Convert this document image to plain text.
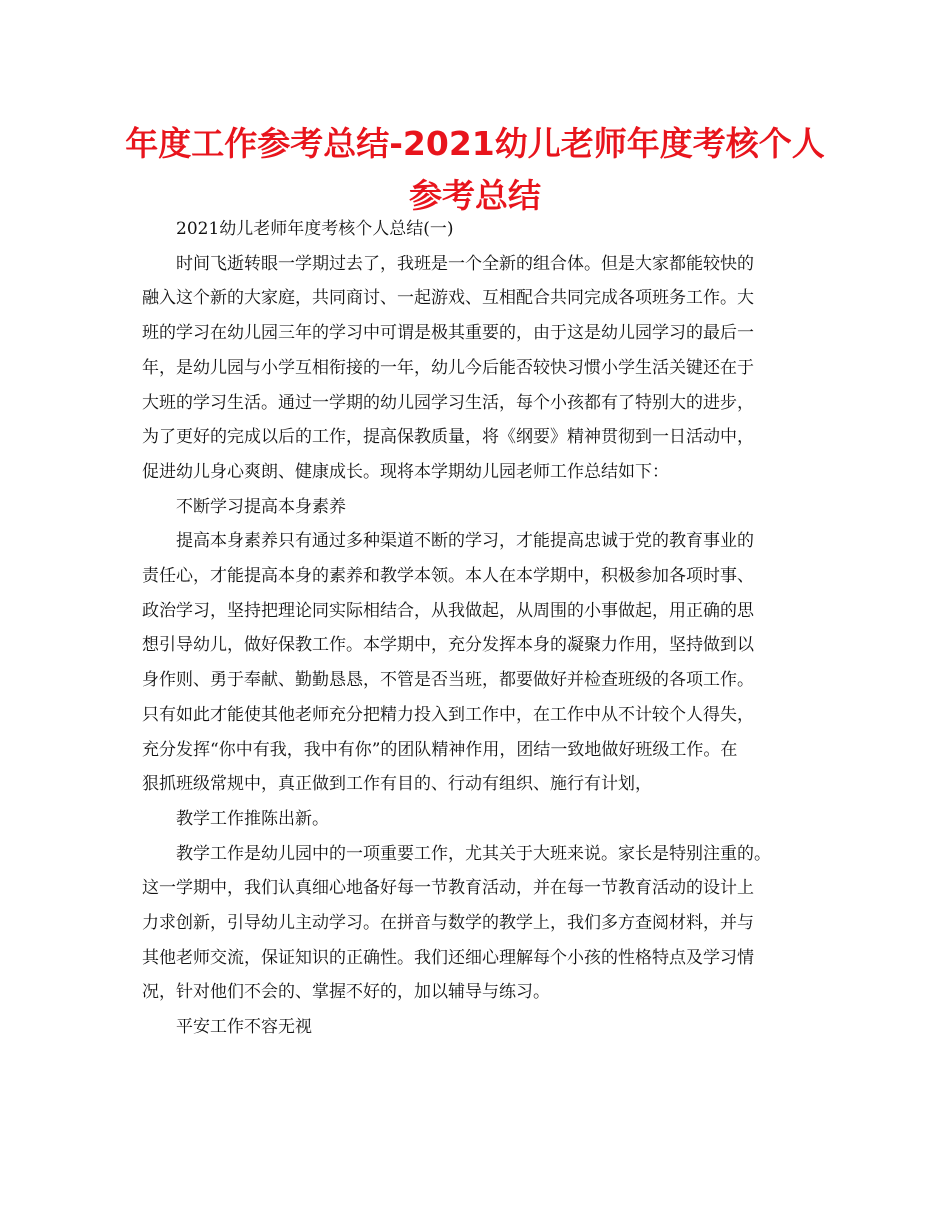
年度工作参考总结-2021幼儿老师年度考核个人
参考总结
2021幼儿老师年度考核个人总结(一)
时间飞逝转眼一学期过去了，我班是一个全新的组合体。但是大家都能较快的
融入这个新的大家庭，共同商讨、一起游戏、互相配合共同完成各项班务工作。大
班的学习在幼儿园三年的学习中可谓是极其重要的，由于这是幼儿园学习的最后一
年，是幼儿园与小学互相衔接的一年，幼儿今后能否较快习惯小学生活关键还在于
大班的学习生活。通过一学期的幼儿园学习生活，每个小孩都有了特别大的进步，
为了更好的完成以后的工作，提高保教质量，将《纲要》精神贯彻到一日活动中，
促进幼儿身心爽朗、健康成长。现将本学期幼儿园老师工作总结如下：
不断学习提高本身素养
提高本身素养只有通过多种渠道不断的学习，才能提高忠诚于党的教育事业的
责任心，才能提高本身的素养和教学本领。本人在本学期中，积极参加各项时事、
政治学习，坚持把理论同实际相结合，从我做起，从周围的小事做起，用正确的思
想引导幼儿，做好保教工作。本学期中，充分发挥本身的凝聚力作用，坚持做到以
身作则、勇于奉献、勤勤恳恳，不管是否当班，都要做好并检查班级的各项工作。
只有如此才能使其他老师充分把精力投入到工作中，在工作中从不计较个人得失，
充分发挥“你中有我，我中有你”的团队精神作用，团结一致地做好班级工作。在
狠抓班级常规中，真正做到工作有目的、行动有组织、施行有计划，
教学工作推陈出新。
教学工作是幼儿园中的一项重要工作，尤其关于大班来说。家长是特别注重的。
这一学期中，我们认真细心地备好每一节教育活动，并在每一节教育活动的设计上
力求创新，引导幼儿主动学习。在拼音与数学的教学上，我们多方查阅材料，并与
其他老师交流，保证知识的正确性。我们还细心理解每个小孩的性格特点及学习情
况，针对他们不会的、掌握不好的，加以辅导与练习。
平安工作不容无视
